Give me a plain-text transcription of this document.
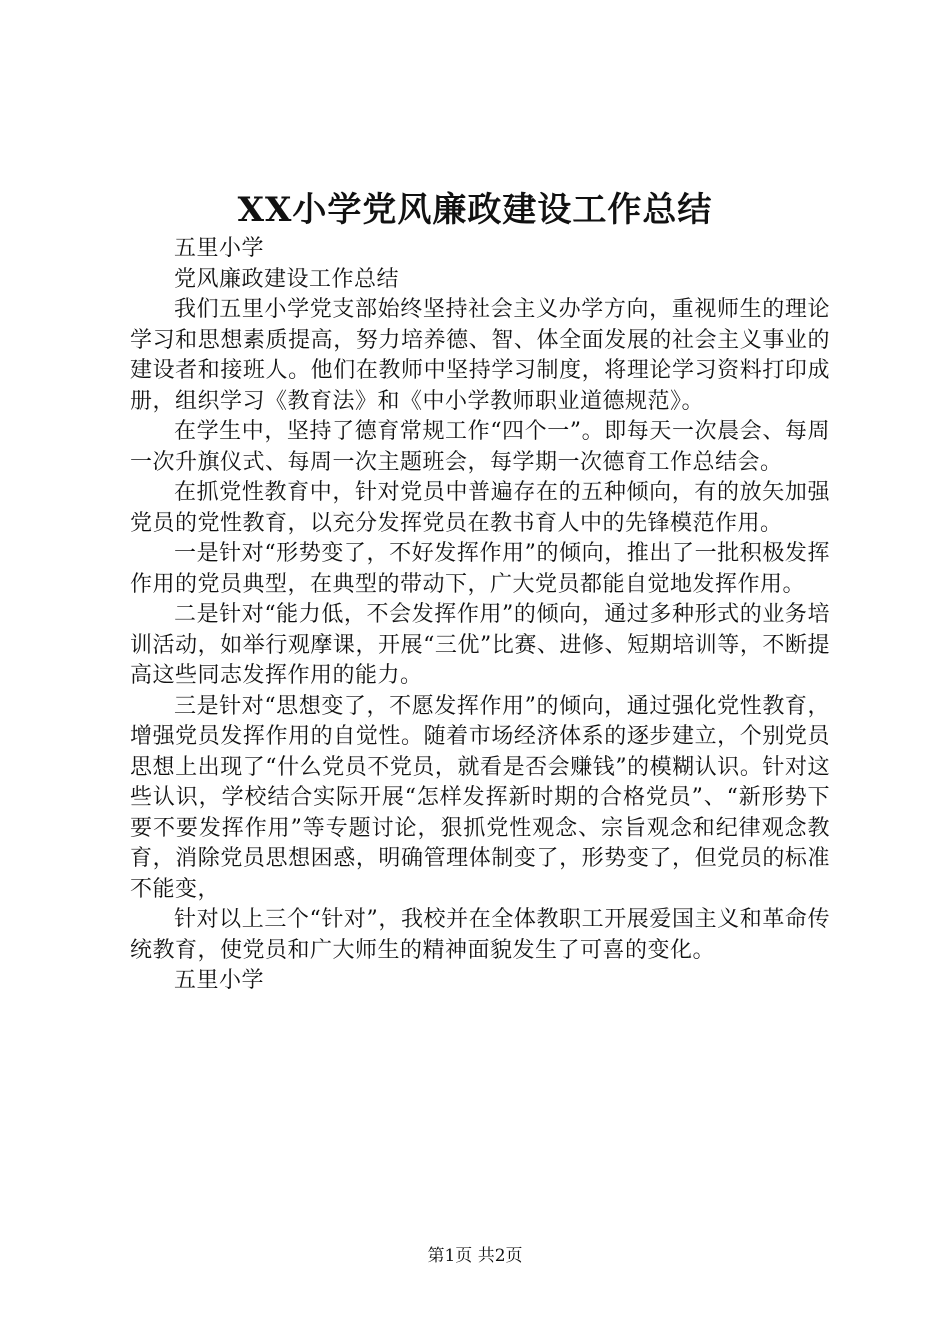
XX小学党风廉政建设工作总结

五里小学

党风廉政建设工作总结

我们五里小学党支部始终坚持社会主义办学方向，重视师生的理论学习和思想素质提高，努力培养德、智、体全面发展的社会主义事业的建设者和接班人。他们在教师中坚持学习制度，将理论学习资料打印成册，组织学习《教育法》和《中小学教师职业道德规范》。

在学生中，坚持了德育常规工作“四个一”。即每天一次晨会、每周一次升旗仪式、每周一次主题班会，每学期一次德育工作总结会。

在抓党性教育中，针对党员中普遍存在的五种倾向，有的放矢加强党员的党性教育，以充分发挥党员在教书育人中的先锋模范作用。

一是针对“形势变了，不好发挥作用”的倾向，推出了一批积极发挥作用的党员典型，在典型的带动下，广大党员都能自觉地发挥作用。

二是针对“能力低，不会发挥作用”的倾向，通过多种形式的业务培训活动，如举行观摩课，开展“三优”比赛、进修、短期培训等，不断提高这些同志发挥作用的能力。

三是针对“思想变了，不愿发挥作用”的倾向，通过强化党性教育，增强党员发挥作用的自觉性。随着市场经济体系的逐步建立，个别党员思想上出现了“什么党员不党员，就看是否会赚钱”的模糊认识。针对这些认识，学校结合实际开展“怎样发挥新时期的合格党员”、“新形势下要不要发挥作用”等专题讨论，狠抓党性观念、宗旨观念和纪律观念教育，消除党员思想困惑，明确管理体制变了，形势变了，但党员的标准不能变，

针对以上三个“针对”，我校并在全体教职工开展爱国主义和革命传统教育，使党员和广大师生的精神面貌发生了可喜的变化。

五里小学

第1页 共2页
